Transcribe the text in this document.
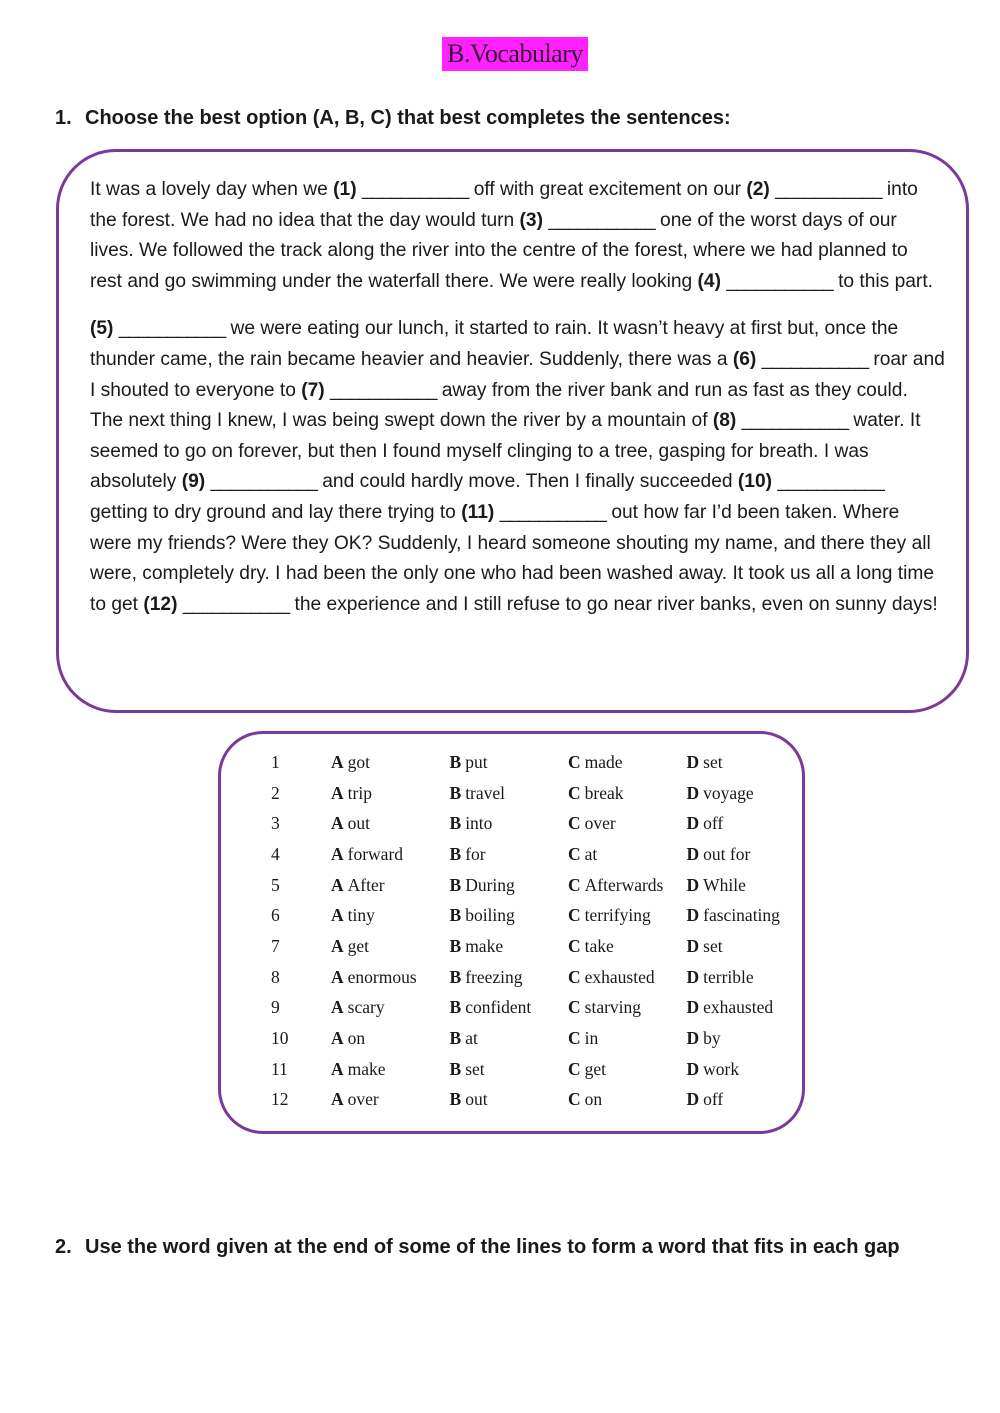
B.Vocabulary
1. Choose the best option (A, B, C) that best completes the sentences:

It was a lovely day when we (1) ___________ off with great excitement on our (2) ___________ into the forest. We had no idea that the day would turn (3) ___________ one of the worst days of our lives. We followed the track along the river into the centre of the forest, where we had planned to rest and go swimming under the waterfall there. We were really looking (4) ___________ to this part.

(5) ___________ we were eating our lunch, it started to rain. It wasn’t heavy at first but, once the thunder came, the rain became heavier and heavier. Suddenly, there was a (6) ___________ roar and I shouted to everyone to (7) ___________ away from the river bank and run as fast as they could. The next thing I knew, I was being swept down the river by a mountain of (8) ___________ water. It seemed to go on forever, but then I found myself clinging to a tree, gasping for breath. I was absolutely (9) ___________ and could hardly move. Then I finally succeeded (10) ___________ getting to dry ground and lay there trying to (11) ___________ out how far I’d been taken. Where were my friends? Were they OK? Suddenly, I heard someone shouting my name, and there they all were, completely dry. I had been the only one who had been washed away. It took us all a long time to get (12) ___________ the experience and I still refuse to go near river banks, even on sunny days!

1	A got	B put	C made	D set
2	A trip	B travel	C break	D voyage
3	A out	B into	C over	D off
4	A forward	B for	C at	D out for
5	A After	B During	C Afterwards	D While
6	A tiny	B boiling	C terrifying	D fascinating
7	A get	B make	C take	D set
8	A enormous	B freezing	C exhausted	D terrible
9	A scary	B confident	C starving	D exhausted
10	A on	B at	C in	D by
11	A make	B set	C get	D work
12	A over	B out	C on	D off
2. Use the word given at the end of some of the lines to form a word that fits in each gap
